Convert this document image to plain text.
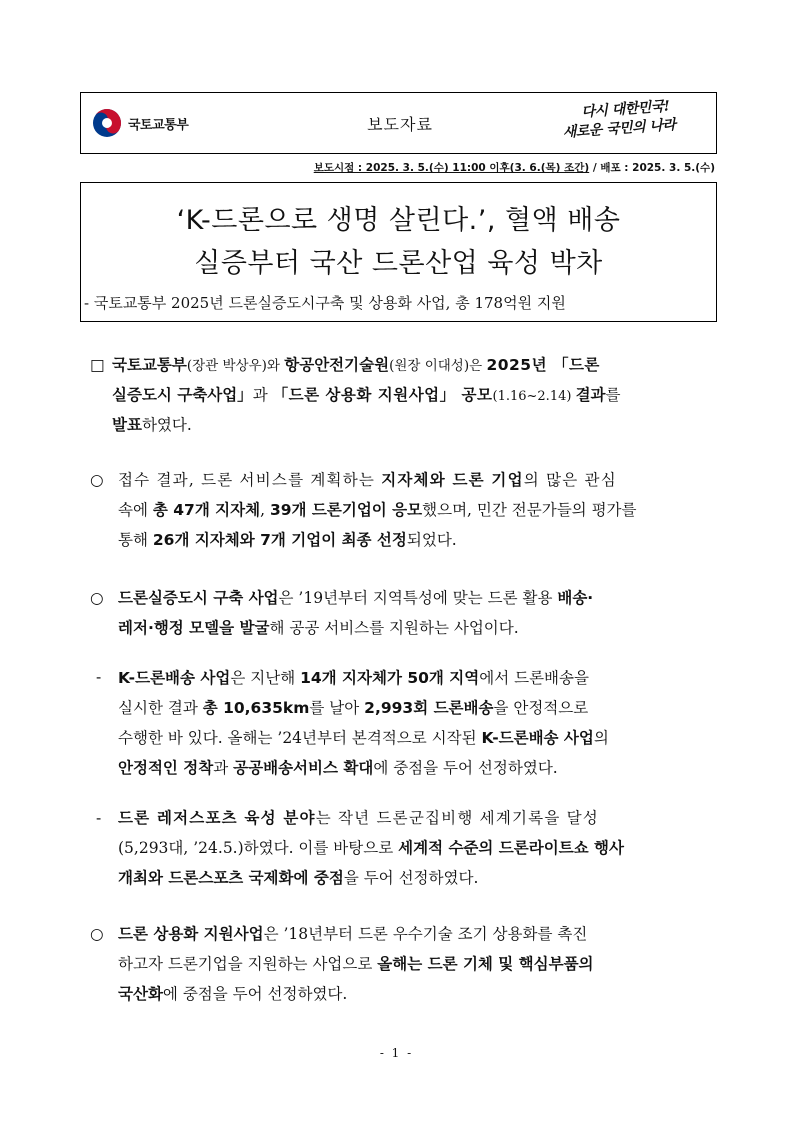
국토교통부	보도자료
다시 대한민국!
새로운 국민의 나라
보도시점 : 2025. 3. 5.(수) 11:00 이후(3. 6.(목) 조간) / 배포 : 2025. 3. 5.(수)
‘K-드론으로 생명 살린다.’, 혈액 배송
실증부터 국산 드론산업 육성 박차
- 국토교통부 2025년 드론실증도시구축 및 상용화 사업, 총 178억원 지원
□ 국토교통부(장관 박상우)와 항공안전기술원(원장 이대성)은 2025년 「드론
실증도시 구축사업」과 「드론 상용화 지원사업」 공모(1.16~2.14) 결과를
발표하였다.
○ 접수 결과, 드론 서비스를 계획하는 지자체와 드론 기업의 많은 관심
속에 총 47개 지자체, 39개 드론기업이 응모했으며, 민간 전문가들의 평가를
통해 26개 지자체와 7개 기업이 최종 선정되었다.
○ 드론실증도시 구축 사업은 ’19년부터 지역특성에 맞는 드론 활용 배송·
레저·행정 모델을 발굴해 공공 서비스를 지원하는 사업이다.
- K-드론배송 사업은 지난해 14개 지자체가 50개 지역에서 드론배송을
실시한 결과 총 10,635km를 날아 2,993회 드론배송을 안정적으로
수행한 바 있다. 올해는 ’24년부터 본격적으로 시작된 K-드론배송 사업의
안정적인 정착과 공공배송서비스 확대에 중점을 두어 선정하였다.
- 드론 레저스포츠 육성 분야는 작년 드론군집비행 세계기록을 달성
(5,293대, ’24.5.)하였다. 이를 바탕으로 세계적 수준의 드론라이트쇼 행사
개최와 드론스포츠 국제화에 중점을 두어 선정하였다.
○ 드론 상용화 지원사업은 ’18년부터 드론 우수기술 조기 상용화를 촉진
하고자 드론기업을 지원하는 사업으로 올해는 드론 기체 및 핵심부품의
국산화에 중점을 두어 선정하였다.
- 1 -
